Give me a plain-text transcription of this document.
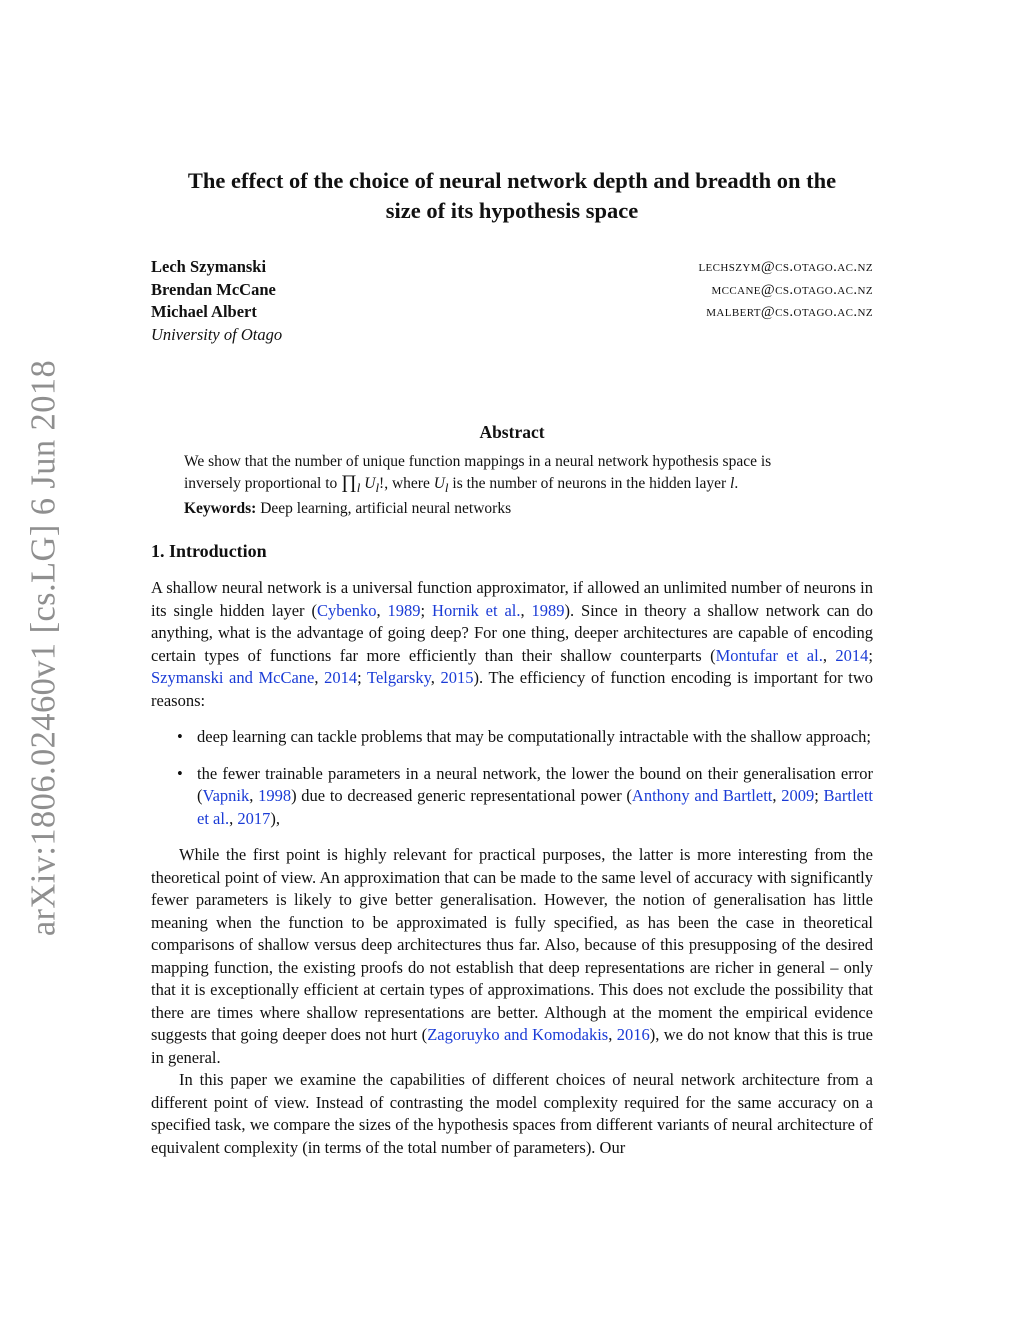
arXiv:1806.02460v1 [cs.LG] 6 Jun 2018
The effect of the choice of neural network depth and breadth on the
size of its hypothesis space
Lech Szymanski	lechszym@cs.otago.ac.nz
Brendan McCane	mccane@cs.otago.ac.nz
Michael Albert	malbert@cs.otago.ac.nz
University of Otago
Abstract

We show that the number of unique function mappings in a neural network hypothesis space is

inversely proportional to $\prod_l$ $U_l$!, where $U_l$ is the number of neurons in the hidden layer l.

Keywords: Deep learning, artificial neural networks

1. Introduction

A shallow neural network is a universal function approximator, if allowed an unlimited number of neurons in its single hidden layer (Cybenko, 1989; Hornik et al., 1989). Since in theory a shallow network can do anything, what is the advantage of going deep? For one thing, deeper architectures are capable of encoding certain types of functions far more efficiently than their shallow counterparts (Montufar et al., 2014; Szymanski and McCane, 2014; Telgarsky, 2015). The efficiency of function encoding is important for two reasons:

• deep learning can tackle problems that may be computationally intractable with the shallow approach;
• the fewer trainable parameters in a neural network, the lower the bound on their generalisation error (Vapnik, 1998) due to decreased generic representational power (Anthony and Bartlett, 2009; Bartlett et al., 2017),

While the first point is highly relevant for practical purposes, the latter is more interesting from the theoretical point of view. An approximation that can be made to the same level of accuracy with significantly fewer parameters is likely to give better generalisation. However, the notion of generalisation has little meaning when the function to be approximated is fully specified, as has been the case in theoretical comparisons of shallow versus deep architectures thus far. Also, because of this presupposing of the desired mapping function, the existing proofs do not establish that deep representations are richer in general – only that it is exceptionally efficient at certain types of approximations. This does not exclude the possibility that there are times where shallow representations are better. Although at the moment the empirical evidence suggests that going deeper does not hurt (Zagoruyko and Komodakis, 2016), we do not know that this is true in general.

In this paper we examine the capabilities of different choices of neural network architecture from a different point of view. Instead of contrasting the model complexity required for the same accuracy on a specified task, we compare the sizes of the hypothesis spaces from different variants of neural architecture of equivalent complexity (in terms of the total number of parameters). Our
